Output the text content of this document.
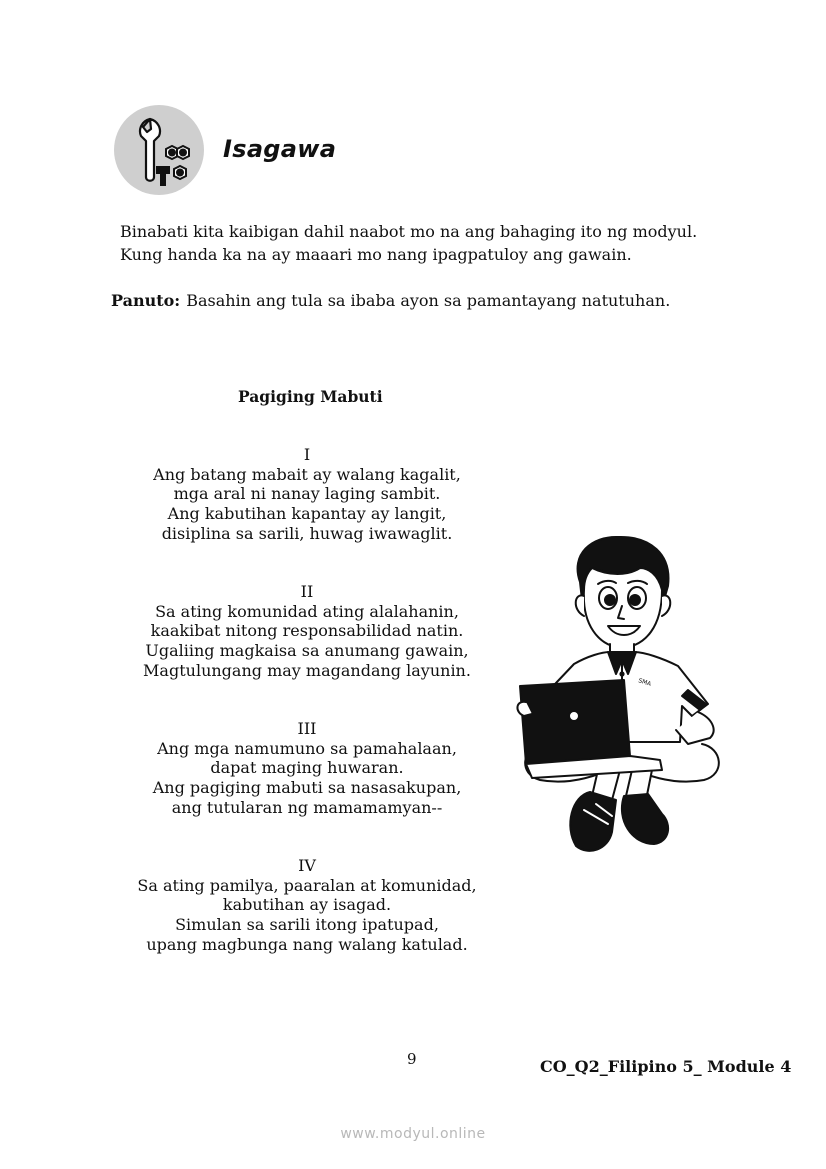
Isagawa

Binabati kita kaibigan dahil naabot mo na ang bahaging ito ng modyul.

Kung handa ka na ay maaari mo nang ipagpatuloy ang gawain.

Panuto: Basahin ang tula sa ibaba ayon sa pamantayang natutuhan.
Pagiging Mabuti
I
Ang batang mabait ay walang kagalit,
mga aral ni nanay laging sambit.
Ang kabutihan kapantay ay langit,
disiplina sa sarili, huwag iwawaglit.
II
Sa ating komunidad ating alalahanin,
kaakibat nitong responsabilidad natin.
Ugaliing magkaisa sa anumang gawain,
Magtulungang may magandang layunin.
III
Ang mga namumuno sa pamahalaan,
dapat maging huwaran.
Ang pagiging mabuti sa nasasakupan,
ang tutularan ng mamamamyan--
IV
Sa ating pamilya, paaralan at komunidad,
kabutihan ay isagad.
Simulan sa sarili itong ipatupad,
upang magbunga nang walang katulad.
SMA
9	CO_Q2_Filipino 5_ Module 4
www.modyul.online
